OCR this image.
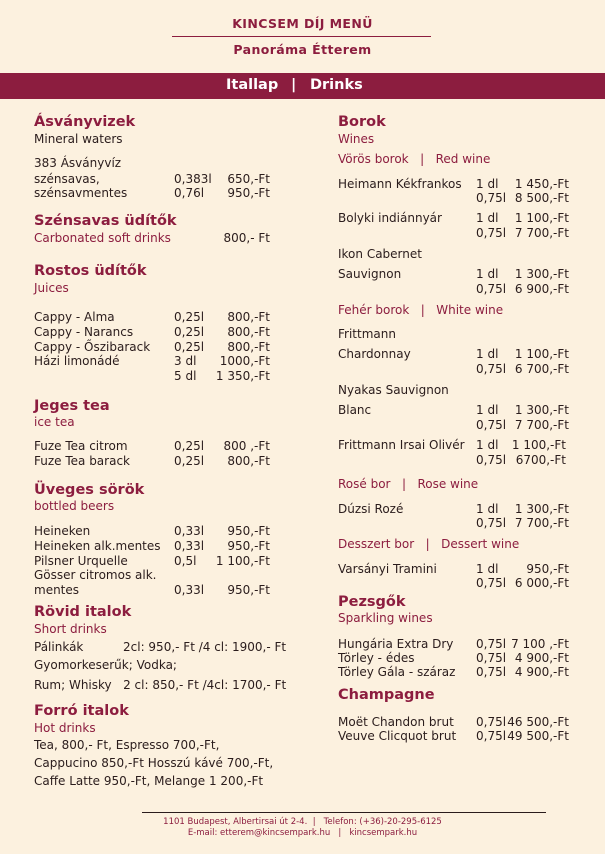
KINCSEM DÍJ MENÜ
Panoráma Étterem
Itallap | Drinks
Ásványvizek
Mineral waters
383 Ásványvíz
szénsavas,	0,383l	650,-Ft
szénsavmentes	0,76l	950,-Ft
Szénsavas üdítők
Carbonated soft drinks	800,- Ft
Rostos üdítők
Juices
Cappy - Alma	0,25l	800,-Ft
Cappy - Narancs	0,25l	800,-Ft
Cappy - Őszibarack 0,25l	800,-Ft
Házi limonádé	3 dl	1000,-Ft
5 dl	1 350,-Ft
Jeges tea
ice tea
Fuze Tea citrom	0,25l	800 ,-Ft
Fuze Tea barack	0,25l	800,-Ft
Üveges sörök
bottled beers
Heineken	0,33l	950,-Ft
Heineken alk.mentes 0,33l	950,-Ft
Pilsner Urquelle	0,5l	1 100,-Ft
Gösser citromos alk.
mentes	0,33l	950,-Ft
Rövid italok
Short drinks
Pálinkák	2cl: 950,- Ft /4 cl: 1900,- Ft
Gyomorkeserűk; Vodka;
Rum; Whisky   2 cl: 850,- Ft /4cl: 1700,- Ft
Forró italok
Hot drinks
Tea, 800,- Ft, Espresso 700,-Ft,
Cappucino 850,-Ft Hosszú kávé 700,-Ft,
Caffe Latte 950,-Ft, Melange 1 200,-Ft
Borok
Wines
Vörös borok | Red wine
Heimann Kékfrankos 1 dl	1 450,-Ft
0,75l 8 500,-Ft
Bolyki indiánnyár	1 dl	1 100,-Ft
0,75l 7 700,-Ft
Ikon Cabernet
Sauvignon	1 dl	1 300,-Ft
0,75l 6 900,-Ft
Fehér borok | White wine
Frittmann
Chardonnay	1 dl	1 100,-Ft
0,75l 6 700,-Ft
Nyakas Sauvignon
Blanc	1 dl	1 300,-Ft
0,75l 7 700,-Ft
Frittmann Irsai Olivér 1 dl	1 100,-Ft
0,75l 6700,-Ft
Rosé bor | Rose wine
Dúzsi Rozé	1 dl	1 300,-Ft
0,75l 7 700,-Ft
Desszert bor | Dessert wine
Varsányi Tramini	1 dl	950,-Ft
0,75l 6 000,-Ft
Pezsgők
Sparkling wines
Hungária Extra Dry 0,75l 7 100 ,-Ft
Törley - édes	0,75l 4 900,-Ft
Törley Gála - száraz 0,75l 4 900,-Ft
Champagne
Moët Chandon brut 0,75l 46 500,-Ft
Veuve Clicquot brut 0,75l 49 500,-Ft
1101 Budapest, Albertirsai út 2-4.  |   Telefon: (+36)-20-295-6125
E-mail: etterem@kincsempark.hu   |   kincsempark.hu
